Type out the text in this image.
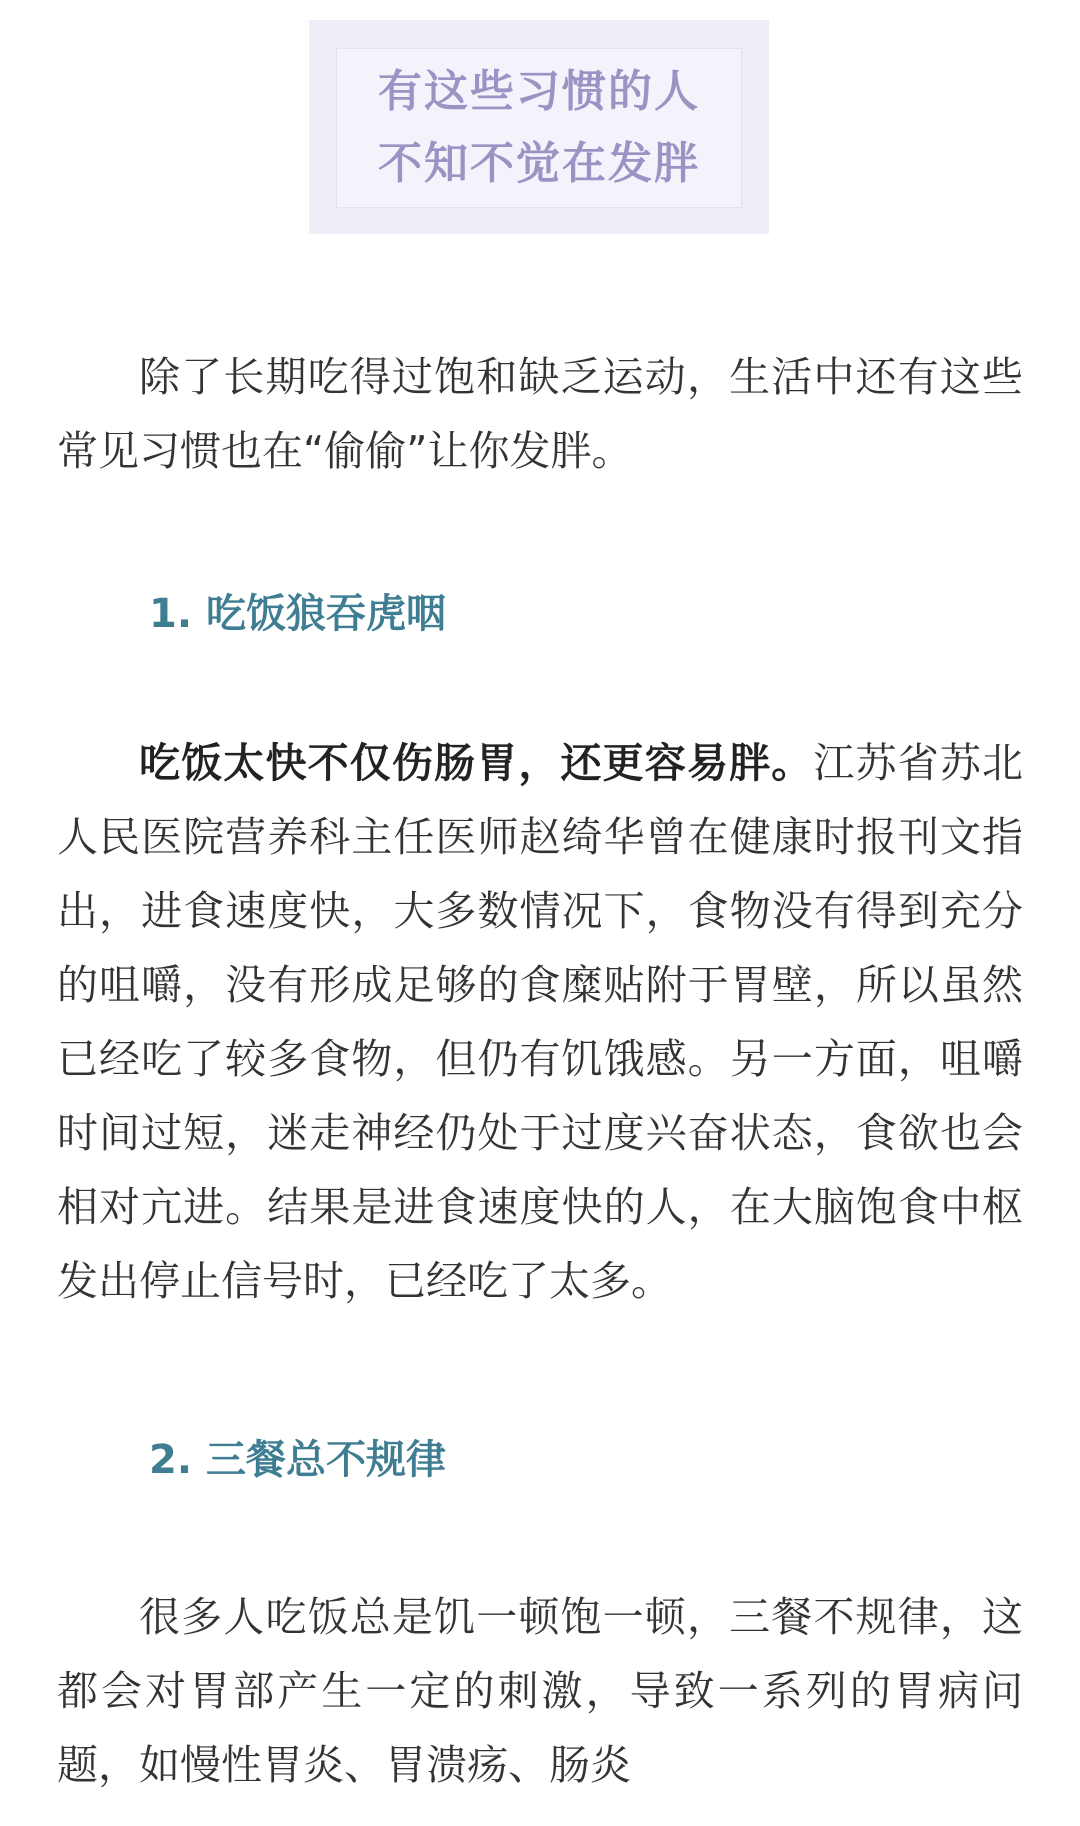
有这些习惯的人
不知不觉在发胖

除了长期吃得过饱和缺乏运动，生活中还有这些常见习惯也在“偷偷”让你发胖。

1. 吃饭狼吞虎咽

吃饭太快不仅伤肠胃，还更容易胖。江苏省苏北人民医院营养科主任医师赵绮华曾在健康时报刊文指出，进食速度快，大多数情况下，食物没有得到充分的咀嚼，没有形成足够的食糜贴附于胃壁，所以虽然已经吃了较多食物，但仍有饥饿感。另一方面，咀嚼时间过短，迷走神经仍处于过度兴奋状态，食欲也会相对亢进。结果是进食速度快的人，在大脑饱食中枢发出停止信号时，已经吃了太多。

2. 三餐总不规律

很多人吃饭总是饥一顿饱一顿，三餐不规律，这都会对胃部产生一定的刺激，导致一系列的胃病问题，如慢性胃炎、胃溃疡、肠炎
